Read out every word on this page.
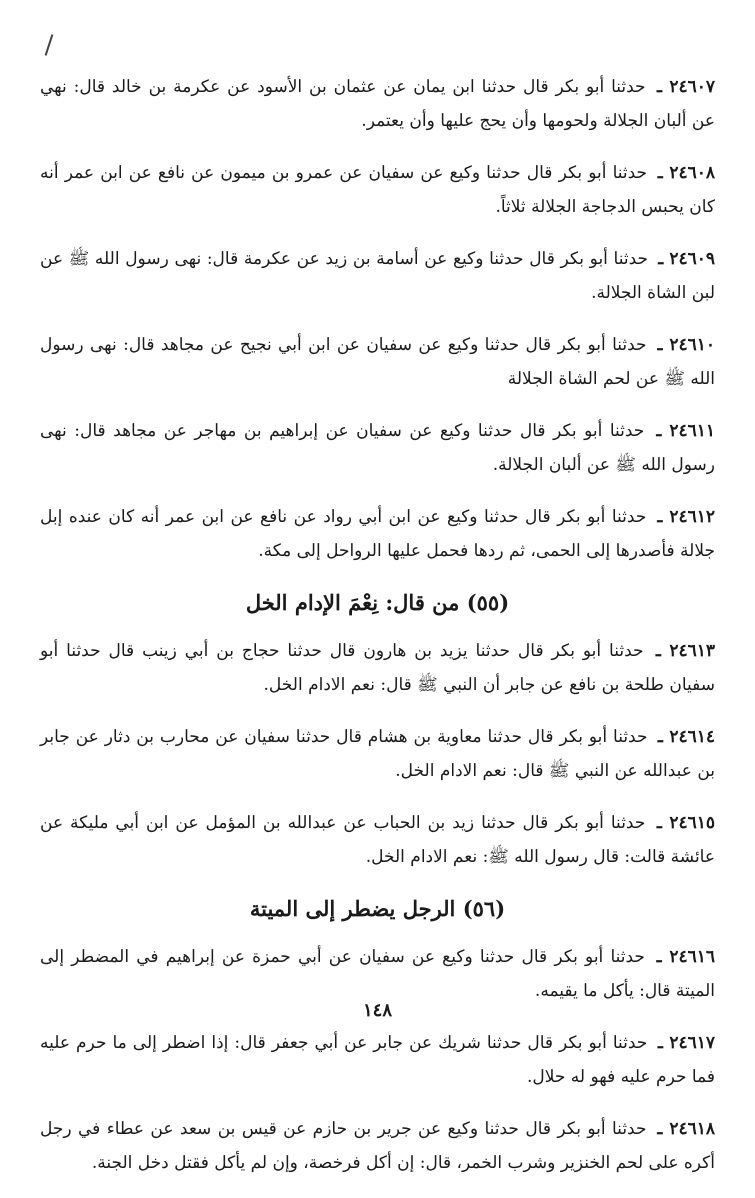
٢٤٦٠٧ ـ حدثنا أبو بكر قال حدثنا ابن يمان عن عثمان بن الأسود عن عكرمة بن خالد قال: نهي عن ألبان الجلالة ولحومها وأن يحج عليها وأن يعتمر.

٢٤٦٠٨ ـ حدثنا أبو بكر قال حدثنا وكيع عن سفيان عن عمرو بن ميمون عن نافع عن ابن عمر أنه كان يحبس الدجاجة الجلالة ثلاثاً.

٢٤٦٠٩ ـ حدثنا أبو بكر قال حدثنا وكيع عن أسامة بن زيد عن عكرمة قال: نهى رسول الله ﷺ عن لبن الشاة الجلالة.

٢٤٦١٠ ـ حدثنا أبو بكر قال حدثنا وكيع عن سفيان عن ابن أبي نجيح عن مجاهد قال: نهى رسول الله ﷺ عن لحم الشاة الجلالة

٢٤٦١١ ـ حدثنا أبو بكر قال حدثنا وكيع عن سفيان عن إبراهيم بن مهاجر عن مجاهد قال: نهى رسول الله ﷺ عن ألبان الجلالة.

٢٤٦١٢ ـ حدثنا أبو بكر قال حدثنا وكيع عن ابن أبي رواد عن نافع عن ابن عمر أنه كان عنده إبل جلالة فأصدرها إلى الحمى، ثم ردها فحمل عليها الرواحل إلى مكة.

(٥٥) من قال: نِعْمَ الإدام الخل

٢٤٦١٣ ـ حدثنا أبو بكر قال حدثنا يزيد بن هارون قال حدثنا حجاج بن أبي زينب قال حدثنا أبو سفيان طلحة بن نافع عن جابر أن النبي ﷺ قال: نعم الادام الخل.

٢٤٦١٤ ـ حدثنا أبو بكر قال حدثنا معاوية بن هشام قال حدثنا سفيان عن محارب بن دثار عن جابر بن عبدالله عن النبي ﷺ قال: نعم الادام الخل.

٢٤٦١٥ ـ حدثنا أبو بكر قال حدثنا زيد بن الحباب عن عبدالله بن المؤمل عن ابن أبي مليكة عن عائشة قالت: قال رسول الله ﷺ: نعم الادام الخل.

(٥٦) الرجل يضطر إلى الميتة

٢٤٦١٦ ـ حدثنا أبو بكر قال حدثنا وكيع عن سفيان عن أبي حمزة عن إبراهيم في المضطر إلى الميتة قال: يأكل ما يقيمه.

٢٤٦١٧ ـ حدثنا أبو بكر قال حدثنا شريك عن جابر عن أبي جعفر قال: إذا اضطر إلى ما حرم عليه فما حرم عليه فهو له حلال.

٢٤٦١٨ ـ حدثنا أبو بكر قال حدثنا وكيع عن جرير بن حازم عن قيس بن سعد عن عطاء في رجل أكره على لحم الخنزير وشرب الخمر، قال: إن أكل فرخصة، وإن لم يأكل فقتل دخل الجنة.

١٤٨
